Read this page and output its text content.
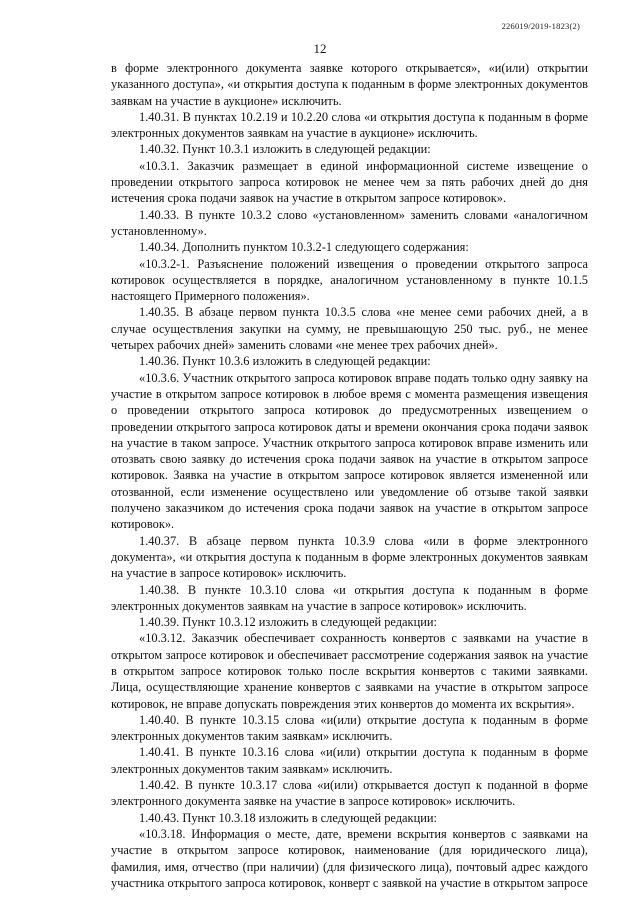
226019/2019-1823(2)
12

в форме электронного документа заявке которого открывается», «и(или) открытии указанного доступа», «и открытия доступа к поданным в форме электронных документов заявкам на участие в аукционе» исключить.

1.40.31. В пунктах 10.2.19 и 10.2.20 слова «и открытия доступа к поданным в форме электронных документов заявкам на участие в аукционе» исключить.

1.40.32. Пункт 10.3.1 изложить в следующей редакции:

«10.3.1. Заказчик размещает в единой информационной системе извещение о проведении открытого запроса котировок не менее чем за пять рабочих дней до дня истечения срока подачи заявок на участие в открытом запросе котировок».

1.40.33. В пункте 10.3.2 слово «установленном» заменить словами «аналогичном установленному».

1.40.34. Дополнить пунктом 10.3.2-1 следующего содержания:

«10.3.2-1. Разъяснение положений извещения о проведении открытого запроса котировок осуществляется в порядке, аналогичном установленному в пункте 10.1.5 настоящего Примерного положения».

1.40.35. В абзаце первом пункта 10.3.5 слова «не менее семи рабочих дней, а в случае осуществления закупки на сумму, не превышающую 250 тыс. руб., не менее четырех рабочих дней» заменить словами «не менее трех рабочих дней».

1.40.36. Пункт 10.3.6 изложить в следующей редакции:

«10.3.6. Участник открытого запроса котировок вправе подать только одну заявку на участие в открытом запросе котировок в любое время с момента размещения извещения о проведении открытого запроса котировок до предусмотренных извещением о проведении открытого запроса котировок даты и времени окончания срока подачи заявок на участие в таком запросе. Участник открытого запроса котировок вправе изменить или отозвать свою заявку до истечения срока подачи заявок на участие в открытом запросе котировок. Заявка на участие в открытом запросе котировок является измененной или отозванной, если изменение осуществлено или уведомление об отзыве такой заявки получено заказчиком до истечения срока подачи заявок на участие в открытом запросе котировок».

1.40.37. В абзаце первом пункта 10.3.9 слова «или в форме электронного документа», «и открытия доступа к поданным в форме электронных документов заявкам на участие в запросе котировок» исключить.

1.40.38. В пункте 10.3.10 слова «и открытия доступа к поданным в форме электронных документов заявкам на участие в запросе котировок» исключить.

1.40.39. Пункт 10.3.12 изложить в следующей редакции:

«10.3.12. Заказчик обеспечивает сохранность конвертов с заявками на участие в открытом запросе котировок и обеспечивает рассмотрение содержания заявок на участие в открытом запросе котировок только после вскрытия конвертов с такими заявками. Лица, осуществляющие хранение конвертов с заявками на участие в открытом запросе котировок, не вправе допускать повреждения этих конвертов до момента их вскрытия».

1.40.40. В пункте 10.3.15 слова «и(или) открытие доступа к поданным в форме электронных документов таким заявкам» исключить.

1.40.41. В пункте 10.3.16 слова «и(или) открытии доступа к поданным в форме электронных документов таким заявкам» исключить.

1.40.42. В пункте 10.3.17 слова «и(или) открывается доступ к поданной в форме электронного документа заявке на участие в запросе котировок» исключить.

1.40.43. Пункт 10.3.18 изложить в следующей редакции:

«10.3.18. Информация о месте, дате, времени вскрытия конвертов с заявками на участие в открытом запросе котировок, наименование (для юридического лица), фамилия, имя, отчество (при наличии) (для физического лица), почтовый адрес каждого участника открытого запроса котировок, конверт с заявкой на участие в открытом запросе
